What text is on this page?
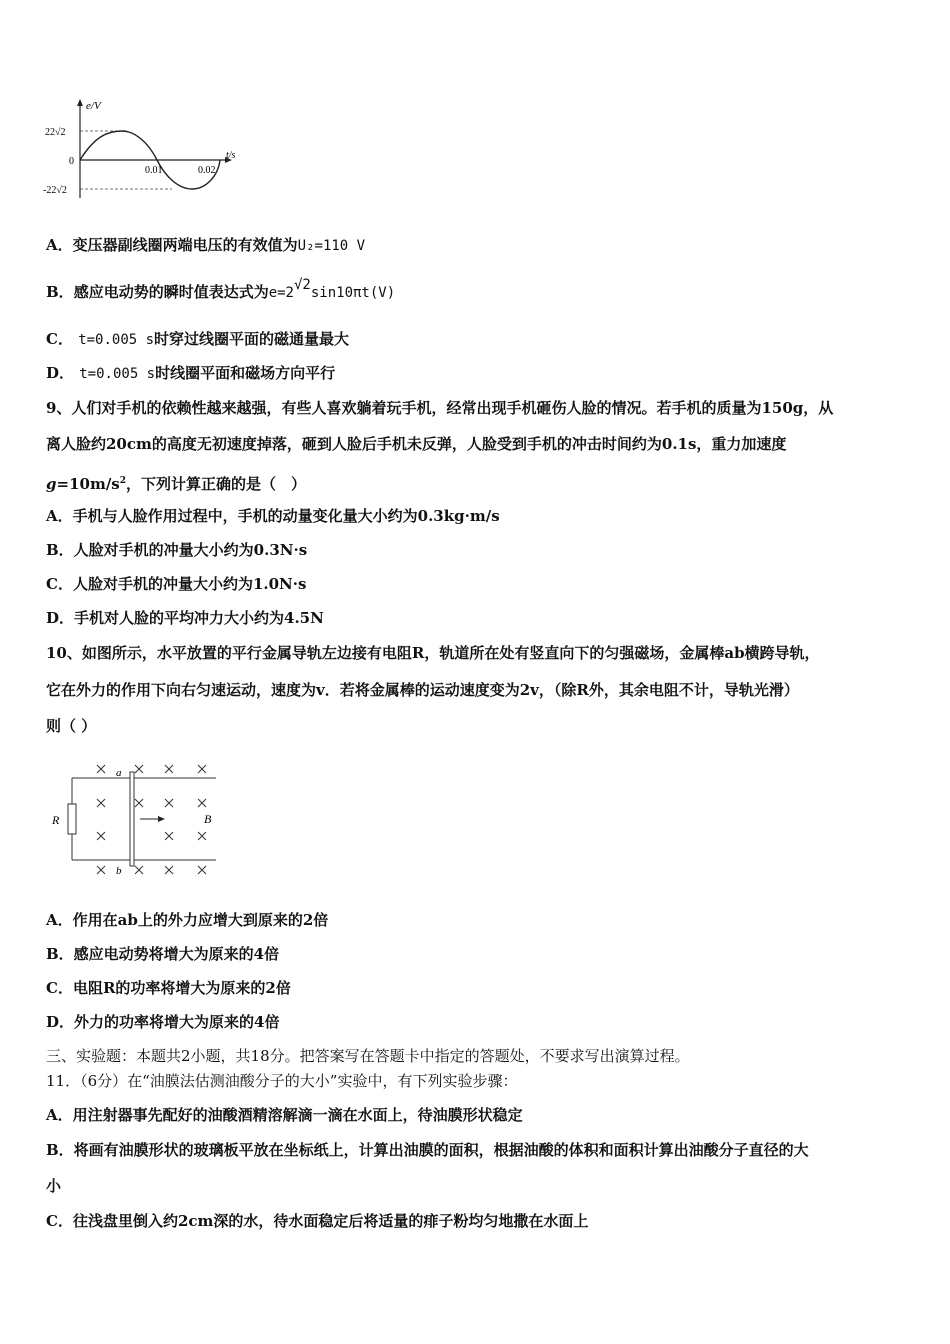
e/V
t/s
22√2
-22√2
0
0.01	0.02
A．变压器副线圈两端电压的有效值为U₂=110 V
B．感应电动势的瞬时值表达式为e=2√2sin10πt(V)
C． t=0.005 s时穿过线圈平面的磁通量最大
D． t=0.005 s时线圈平面和磁场方向平行
9、人们对手机的依赖性越来越强，有些人喜欢躺着玩手机，经常出现手机砸伤人脸的情况。若手机的质量为150g，从
离人脸约20cm的高度无初速度掉落，砸到人脸后手机未反弹，人脸受到手机的冲击时间约为0.1s，重力加速度
$g=10m/s^2$，下列计算正确的是（　）
A．手机与人脸作用过程中，手机的动量变化量大小约为0.3kg·m/s
B．人脸对手机的冲量大小约为0.3N·s
C．人脸对手机的冲量大小约为1.0N·s
D．手机对人脸的平均冲力大小约为4.5N
10、如图所示，水平放置的平行金属导轨左边接有电阻R，轨道所在处有竖直向下的匀强磁场，金属棒ab横跨导轨，
它在外力的作用下向右匀速运动，速度为v．若将金属棒的运动速度变为2v，（除R外，其余电阻不计，导轨光滑）
则（ ）
R
a
b
B
A．作用在ab上的外力应增大到原来的2倍
B．感应电动势将增大为原来的4倍
C．电阻R的功率将增大为原来的2倍
D．外力的功率将增大为原来的4倍
三、实验题：本题共2小题，共18分。把答案写在答题卡中指定的答题处，不要求写出演算过程。
11．（6分）在“油膜法估测油酸分子的大小”实验中，有下列实验步骤：
A．用注射器事先配好的油酸酒精溶解滴一滴在水面上，待油膜形状稳定
B．将画有油膜形状的玻璃板平放在坐标纸上，计算出油膜的面积，根据油酸的体积和面积计算出油酸分子直径的大
小
C．往浅盘里倒入约2cm深的水，待水面稳定后将适量的痱子粉均匀地撒在水面上
